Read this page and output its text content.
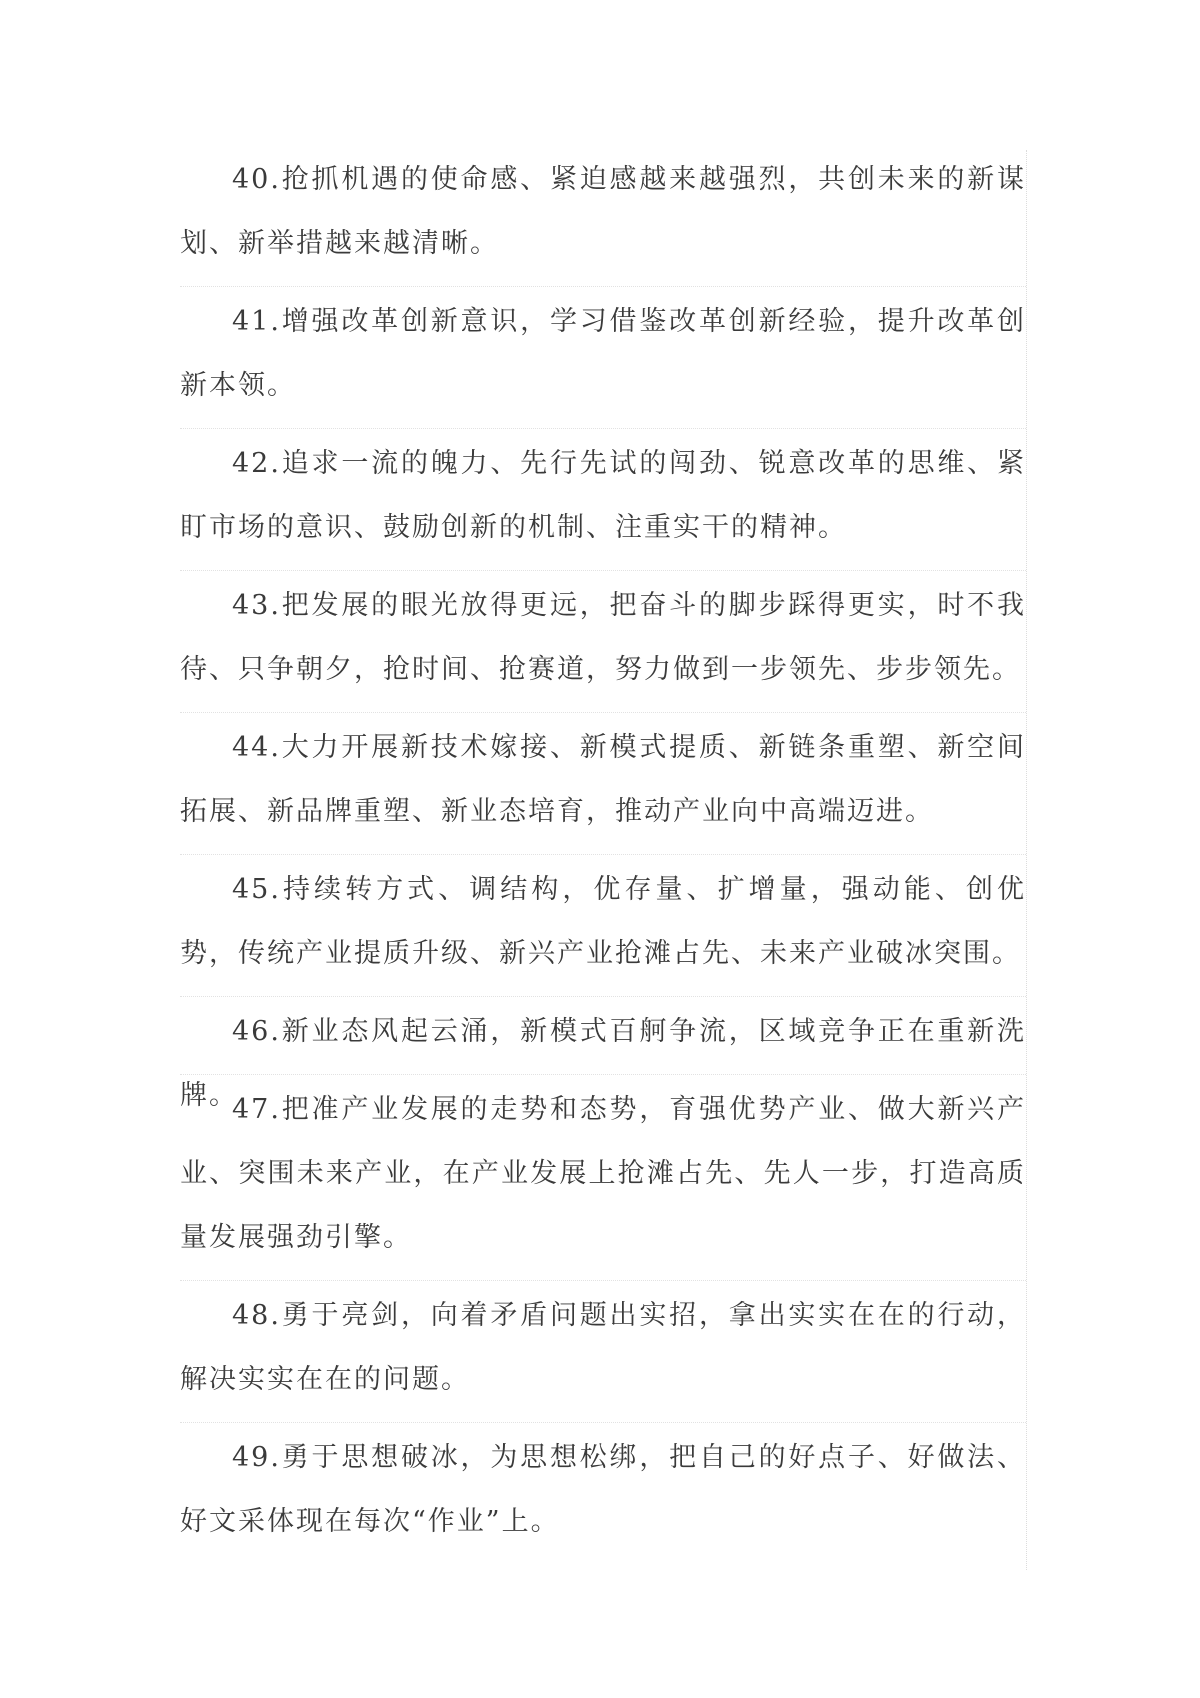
40.抢抓机遇的使命感、紧迫感越来越强烈，共创未来的新谋划、新举措越来越清晰。

41.增强改革创新意识，学习借鉴改革创新经验，提升改革创新本领。

42.追求一流的魄力、先行先试的闯劲、锐意改革的思维、紧盯市场的意识、鼓励创新的机制、注重实干的精神。

43.把发展的眼光放得更远，把奋斗的脚步踩得更实，时不我待、只争朝夕，抢时间、抢赛道，努力做到一步领先、步步领先。

44.大力开展新技术嫁接、新模式提质、新链条重塑、新空间拓展、新品牌重塑、新业态培育，推动产业向中高端迈进。

45.持续转方式、调结构，优存量、扩增量，强动能、创优势，传统产业提质升级、新兴产业抢滩占先、未来产业破冰突围。

46.新业态风起云涌，新模式百舸争流，区域竞争正在重新洗牌。

47.把准产业发展的走势和态势，育强优势产业、做大新兴产业、突围未来产业，在产业发展上抢滩占先、先人一步，打造高质量发展强劲引擎。

48.勇于亮剑，向着矛盾问题出实招，拿出实实在在的行动，解决实实在在的问题。

49.勇于思想破冰，为思想松绑，把自己的好点子、好做法、好文采体现在每次“作业”上。
